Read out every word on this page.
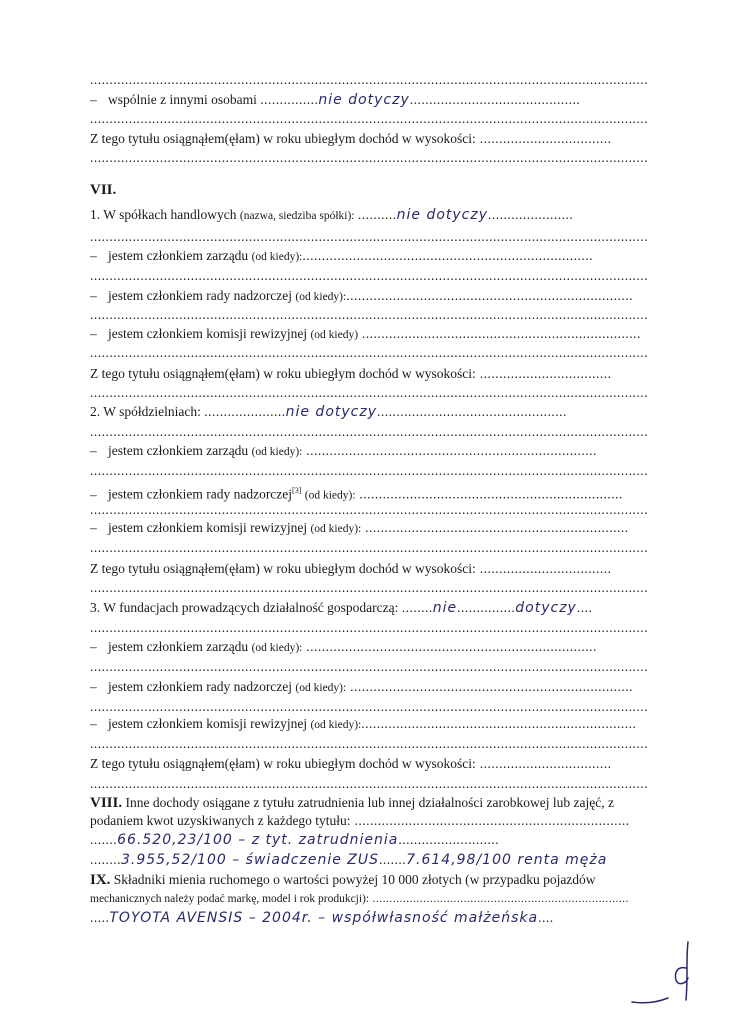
................................................................................................................................................
– wspólnie z innymi osobami ...............nie dotyczy............................................
................................................................................................................................................
Z tego tytułu osiągnąłem(ęłam) w roku ubiegłym dochód w wysokości: ..................................
................................................................................................................................................
VII.
1. W spółkach handlowych (nazwa, siedziba spółki): ..........nie dotyczy......................
................................................................................................................................................
– jestem członkiem zarządu (od kiedy):...........................................................................
................................................................................................................................................
– jestem członkiem rady nadzorczej (od kiedy):..........................................................................
................................................................................................................................................
– jestem członkiem komisji rewizyjnej (od kiedy) ........................................................................
................................................................................................................................................
Z tego tytułu osiągnąłem(ęłam) w roku ubiegłym dochód w wysokości: ..................................
................................................................................................................................................
2. W spółdzielniach: .....................nie dotyczy.................................................
................................................................................................................................................
– jestem członkiem zarządu (od kiedy): ...........................................................................
................................................................................................................................................
– jestem członkiem rady nadzorczej[3] (od kiedy): ....................................................................
................................................................................................................................................
– jestem członkiem komisji rewizyjnej (od kiedy): ....................................................................
................................................................................................................................................
Z tego tytułu osiągnąłem(ęłam) w roku ubiegłym dochód w wysokości: ..................................
................................................................................................................................................
3. W fundacjach prowadzących działalność gospodarczą: ........nie...............dotyczy....
................................................................................................................................................
– jestem członkiem zarządu (od kiedy): ...........................................................................
................................................................................................................................................
– jestem członkiem rady nadzorczej (od kiedy): .........................................................................
................................................................................................................................................
– jestem członkiem komisji rewizyjnej (od kiedy):.......................................................................
................................................................................................................................................
Z tego tytułu osiągnąłem(ęłam) w roku ubiegłym dochód w wysokości: ..................................
................................................................................................................................................
VIII. Inne dochody osiągane z tytułu zatrudnienia lub innej działalności zarobkowej lub zajęć, z
podaniem kwot uzyskiwanych z każdego tytułu: .......................................................................
.......66.520,23/100 – z tyt. zatrudnienia..........................
........3.955,52/100 – świadczenie ZUS.......7.614,98/100 renta męża
IX. Składniki mienia ruchomego o wartości powyżej 10 000 złotych (w przypadku pojazdów
mechanicznych należy podać markę, model i rok produkcji): ............................................................................
.....TOYOTA AVENSIS – 2004r. – współwłasność małżeńska....
